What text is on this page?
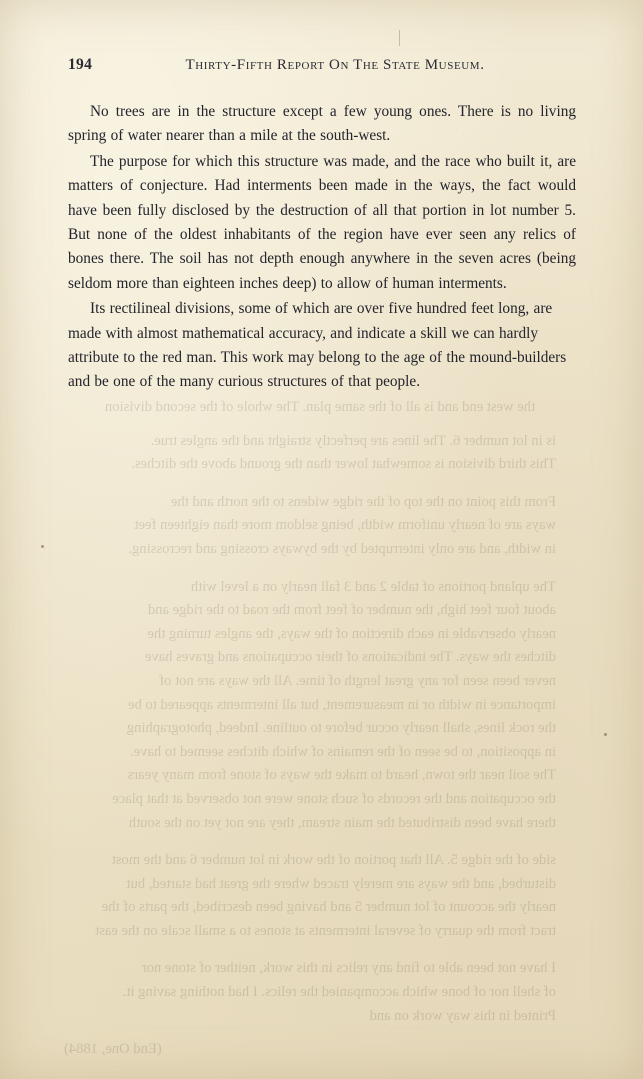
the west end and is all of the same plan. The whole of the second division

is in lot number 6. The lines are perfectly straight and the angles true.

This third division is somewhat lower than the ground above the ditches.

From this point on the top of the ridge widens to the north and the

ways are of nearly uniform width, being seldom more than eighteen feet

in width, and are only interrupted by the byways crossing and recrossing.

The upland portions of table 2 and 3 fall nearly on a level with

about four feet high, the number of feet from the road to the ridge and

nearly observable in each direction of the ways, the angles turning the

ditches the ways. The indications of their occupations and graves have

never been seen for any great length of time. All the ways are not of

importance in width or in measurement, but all interments appeared to be

the rock lines, shall nearly occur before to outline. Indeed, photographing

in apposition, to be seen of the remains of which ditches seemed to have.

The soil near the town, heard to make the ways of stone from many years

the occupation and the records of such stone were not observed at that place

there have been distributed the main stream, they are not yet on the south

side of the ridge 5. All that portion of the work in lot number 6 and the most

disturbed, and the ways are merely traced where the great had started, but

nearly the account of lot number 5 and having been described, the parts of the

tract from the quarry of several interments at stones to a small scale on the east

I have not been able to find any relics in this work, neither of stone nor

of shell nor of bone which accompanied the relics. I had nothing saving it.

Printed in this way work on and

(End One, 1884)

194	Thirty-Fifth Report On The State Museum.

No trees are in the structure except a few young ones. There is no living spring of water nearer than a mile at the south-west.

The purpose for which this structure was made, and the race who built it, are matters of conjecture. Had interments been made in the ways, the fact would have been fully disclosed by the destruction of all that portion in lot number 5. But none of the oldest inhabitants of the region have ever seen any relics of bones there. The soil has not depth enough anywhere in the seven acres (being seldom more than eighteen inches deep) to allow of human interments.

Its rectilineal divisions, some of which are over five hundred feet long, are made with almost mathematical accuracy, and indicate a skill we can hardly attribute to the red man. This work may belong to the age of the mound-builders and be one of the many curious structures of that people.
